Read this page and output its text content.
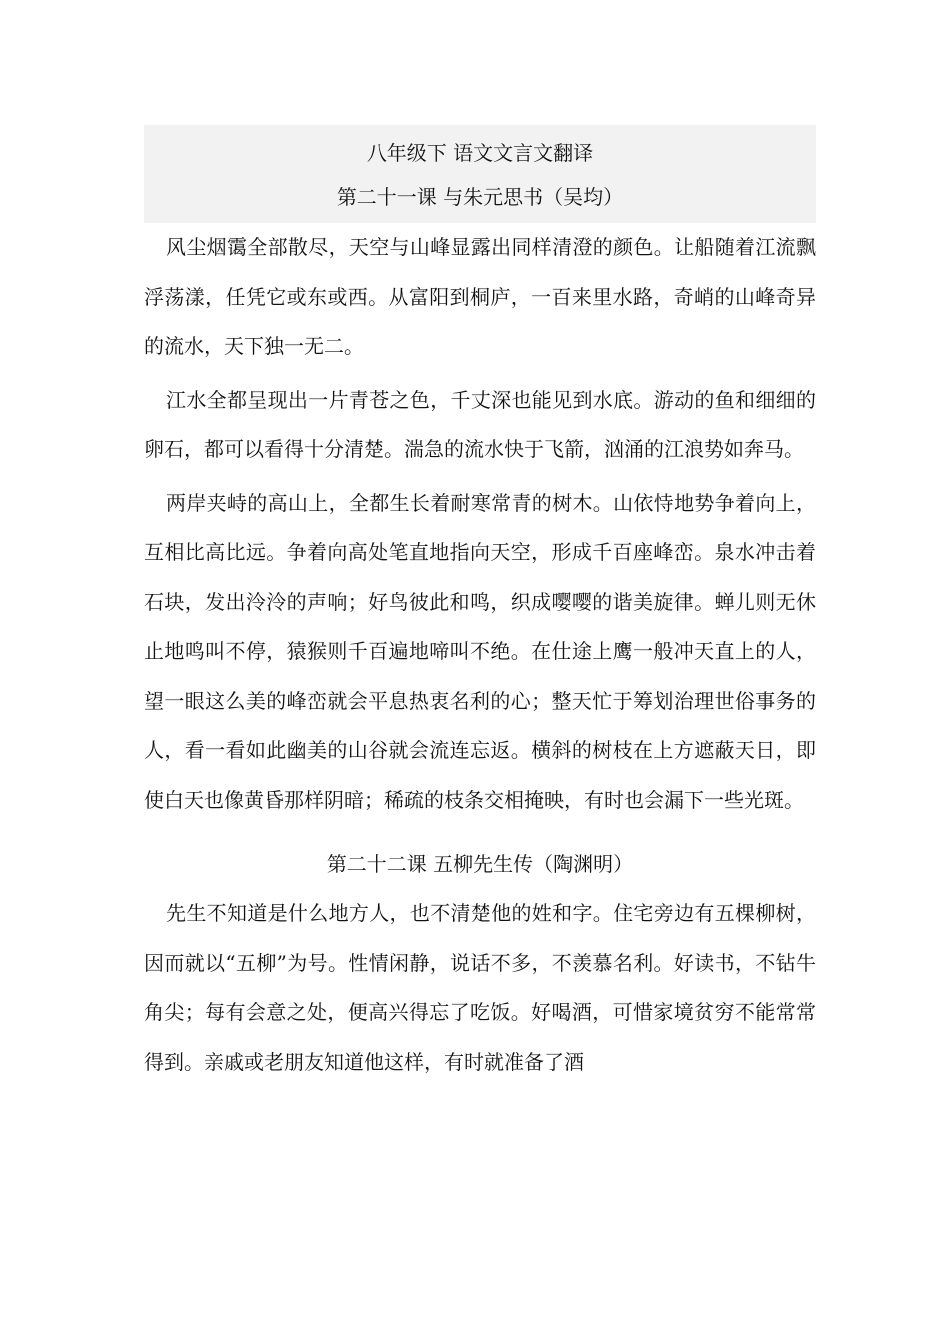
八年级下 语文文言文翻译
第二十一课 与朱元思书（吴均）

风尘烟霭全部散尽，天空与山峰显露出同样清澄的颜色。让船随着江流飘浮荡漾，任凭它或东或西。从富阳到桐庐，一百来里水路，奇峭的山峰奇异的流水，天下独一无二。

江水全都呈现出一片青苍之色，千丈深也能见到水底。游动的鱼和细细的卵石，都可以看得十分清楚。湍急的流水快于飞箭，汹涌的江浪势如奔马。

两岸夹峙的高山上，全都生长着耐寒常青的树木。山依恃地势争着向上，互相比高比远。争着向高处笔直地指向天空，形成千百座峰峦。泉水冲击着石块，发出泠泠的声响；好鸟彼此和鸣，织成嘤嘤的谐美旋律。蝉儿则无休止地鸣叫不停，猿猴则千百遍地啼叫不绝。在仕途上鹰一般冲天直上的人，望一眼这么美的峰峦就会平息热衷名利的心；整天忙于筹划治理世俗事务的人，看一看如此幽美的山谷就会流连忘返。横斜的树枝在上方遮蔽天日，即使白天也像黄昏那样阴暗；稀疏的枝条交相掩映，有时也会漏下一些光斑。

第二十二课 五柳先生传（陶渊明）

先生不知道是什么地方人，也不清楚他的姓和字。住宅旁边有五棵柳树，因而就以“五柳”为号。性情闲静，说话不多，不羡慕名利。好读书，不钻牛角尖；每有会意之处，便高兴得忘了吃饭。好喝酒，可惜家境贫穷不能常常得到。亲戚或老朋友知道他这样，有时就准备了酒
